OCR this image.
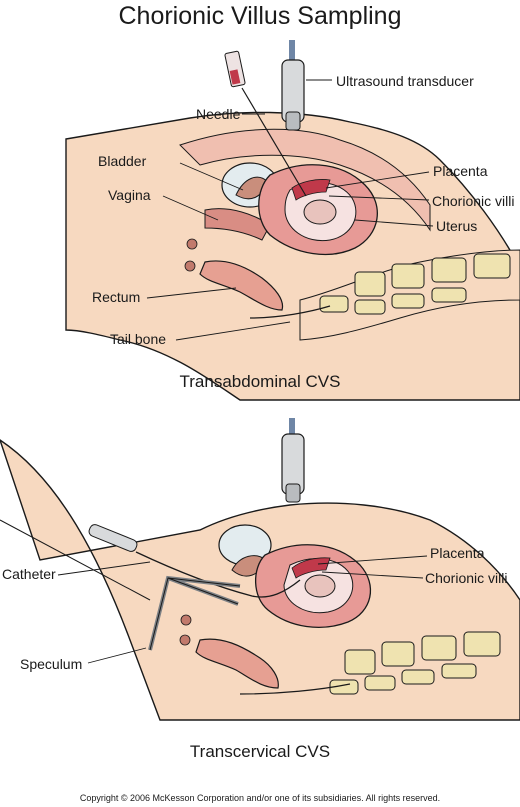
Chorionic Villus Sampling
Ultrasound transducer
Needle
Bladder
Vagina
Placenta
Chorionic villi
Uterus
Rectum
Tail bone
Transabdominal CVS
Placenta
Chorionic villi
Catheter
Speculum
Transcervical CVS
Copyright © 2006 McKesson Corporation and/or one of its subsidiaries. All rights reserved.
